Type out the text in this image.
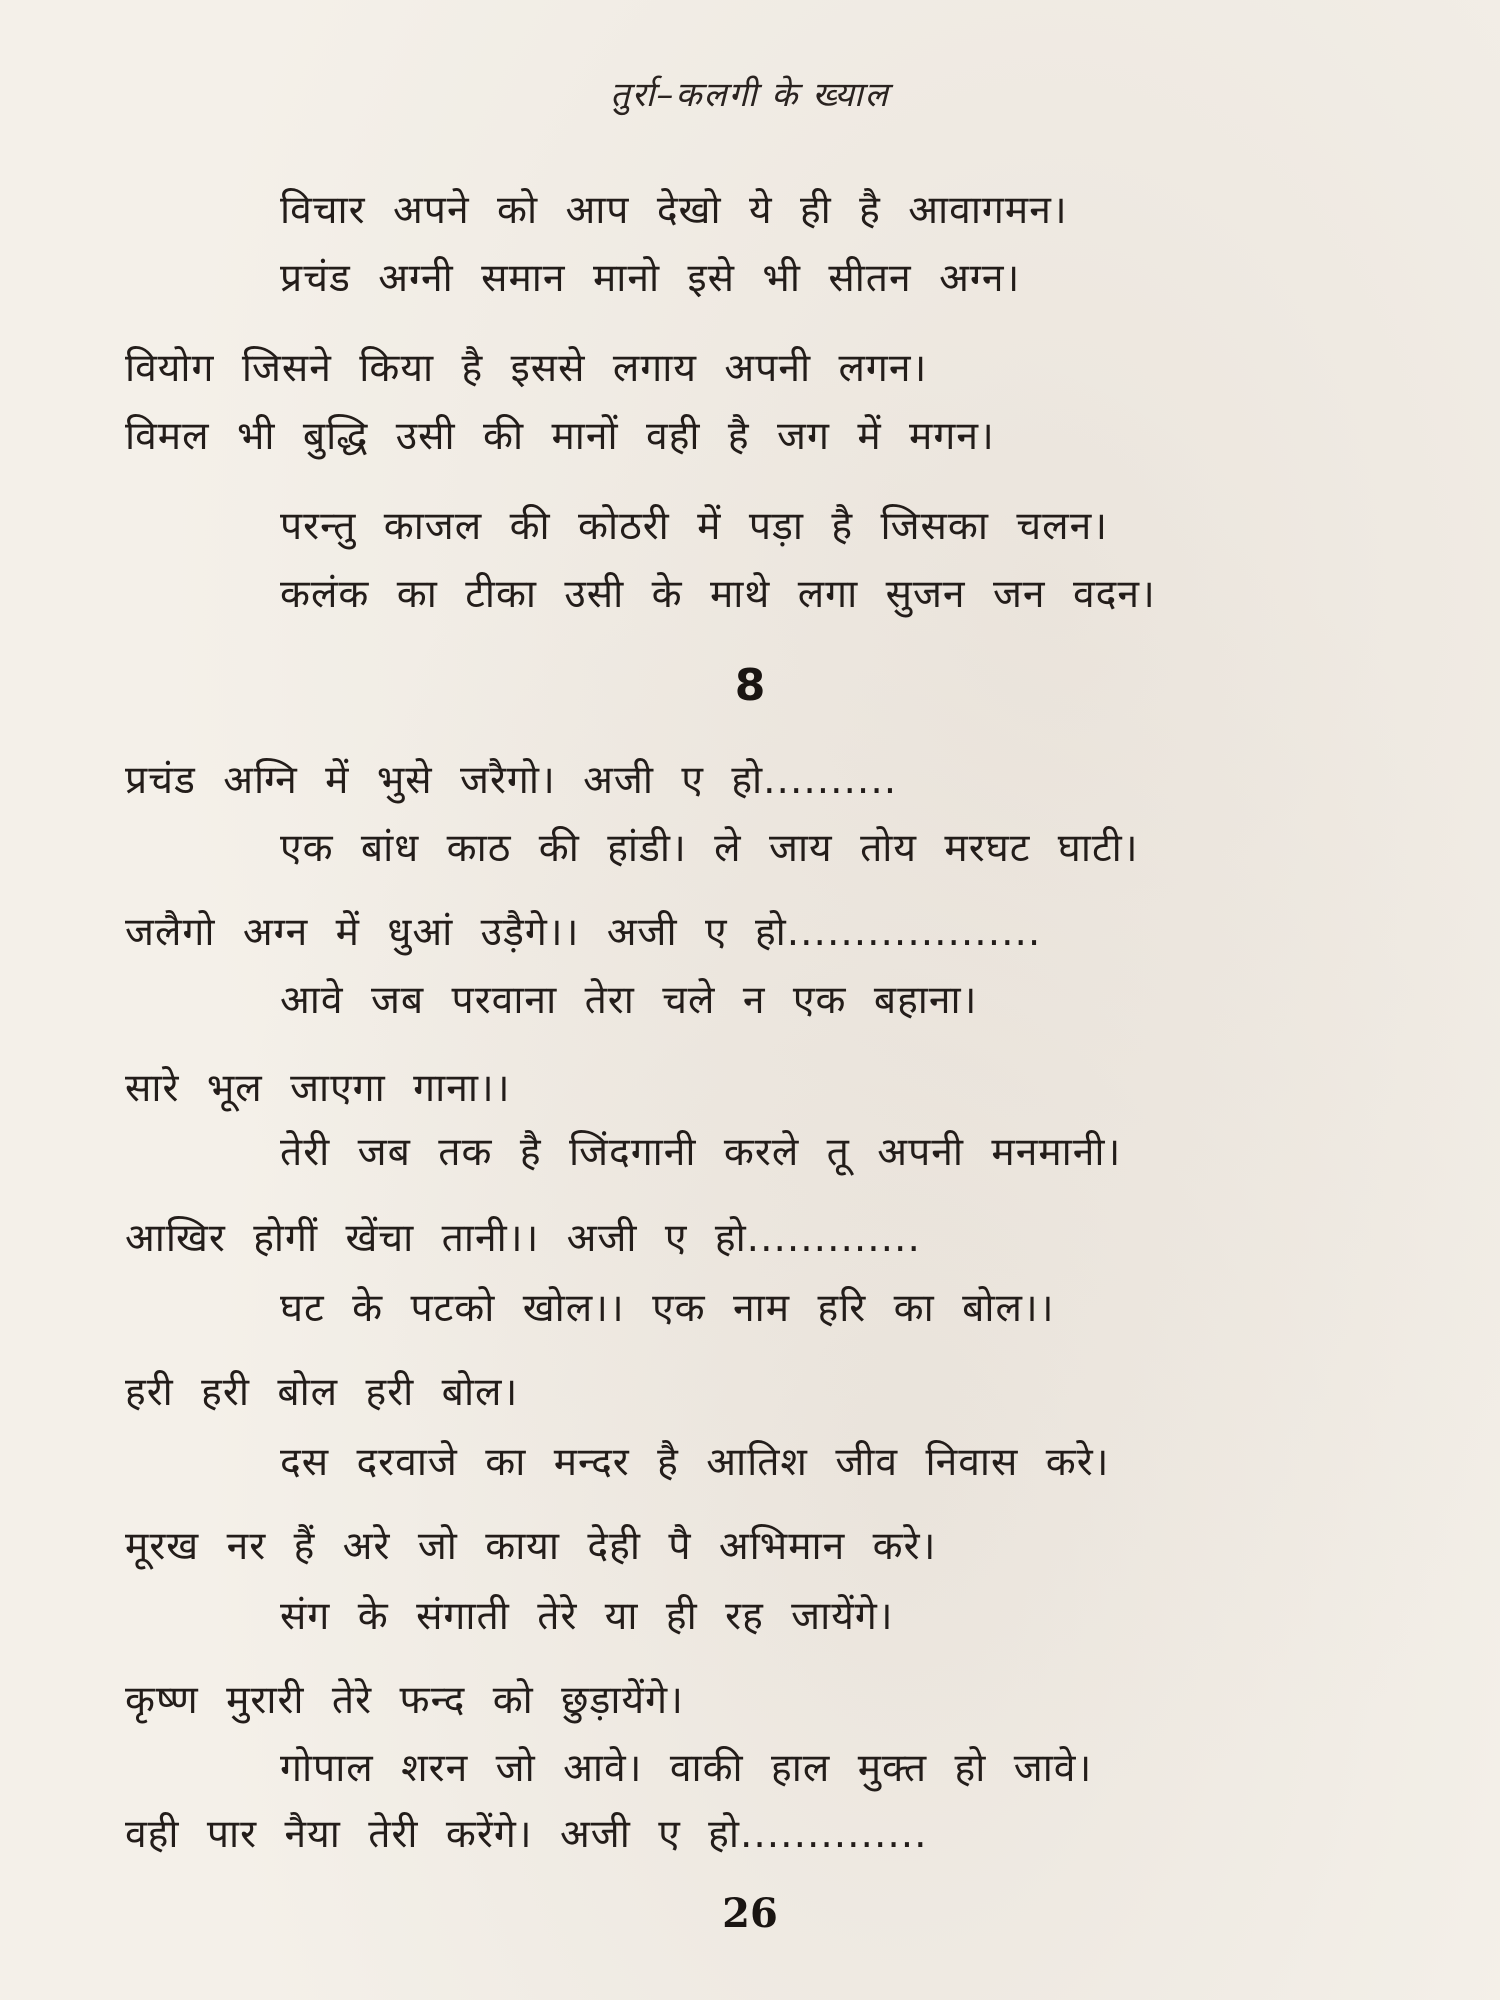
तुर्रा–कलगी के ख्याल
विचार अपने को आप देखो ये ही है आवागमन।
प्रचंड अग्नी समान मानो इसे भी सीतन अग्न।
वियोग जिसने किया है इससे लगाय अपनी लगन।
विमल भी बुद्धि उसी की मानों वही है जग में मगन।
परन्तु काजल की कोठरी में पड़ा है जिसका चलन।
कलंक का टीका उसी के माथे लगा सुजन जन वदन।
8
प्रचंड अग्नि में भुसे जरैगो। अजी ए हो..........
एक बांध काठ की हांडी। ले जाय तोय मरघट घाटी।
जलैगो अग्न में धुआं उड़ैगे।। अजी ए हो...................
आवे जब परवाना तेरा चले न एक बहाना।
सारे भूल जाएगा गाना।।
तेरी जब तक है जिंदगानी करले तू अपनी मनमानी।
आखिर होगीं खेंचा तानी।। अजी ए हो.............
घट के पटको खोल।। एक नाम हरि का बोल।।
हरी हरी बोल हरी बोल।
दस दरवाजे का मन्दर है आतिश जीव निवास करे।
मूरख नर हैं अरे जो काया देही पै अभिमान करे।
संग के संगाती तेरे या ही रह जायेंगे।
कृष्ण मुरारी तेरे फन्द को छुड़ायेंगे।
गोपाल शरन जो आवे। वाकी हाल मुक्त हो जावे।
वही पार नैया तेरी करेंगे। अजी ए हो..............
26
